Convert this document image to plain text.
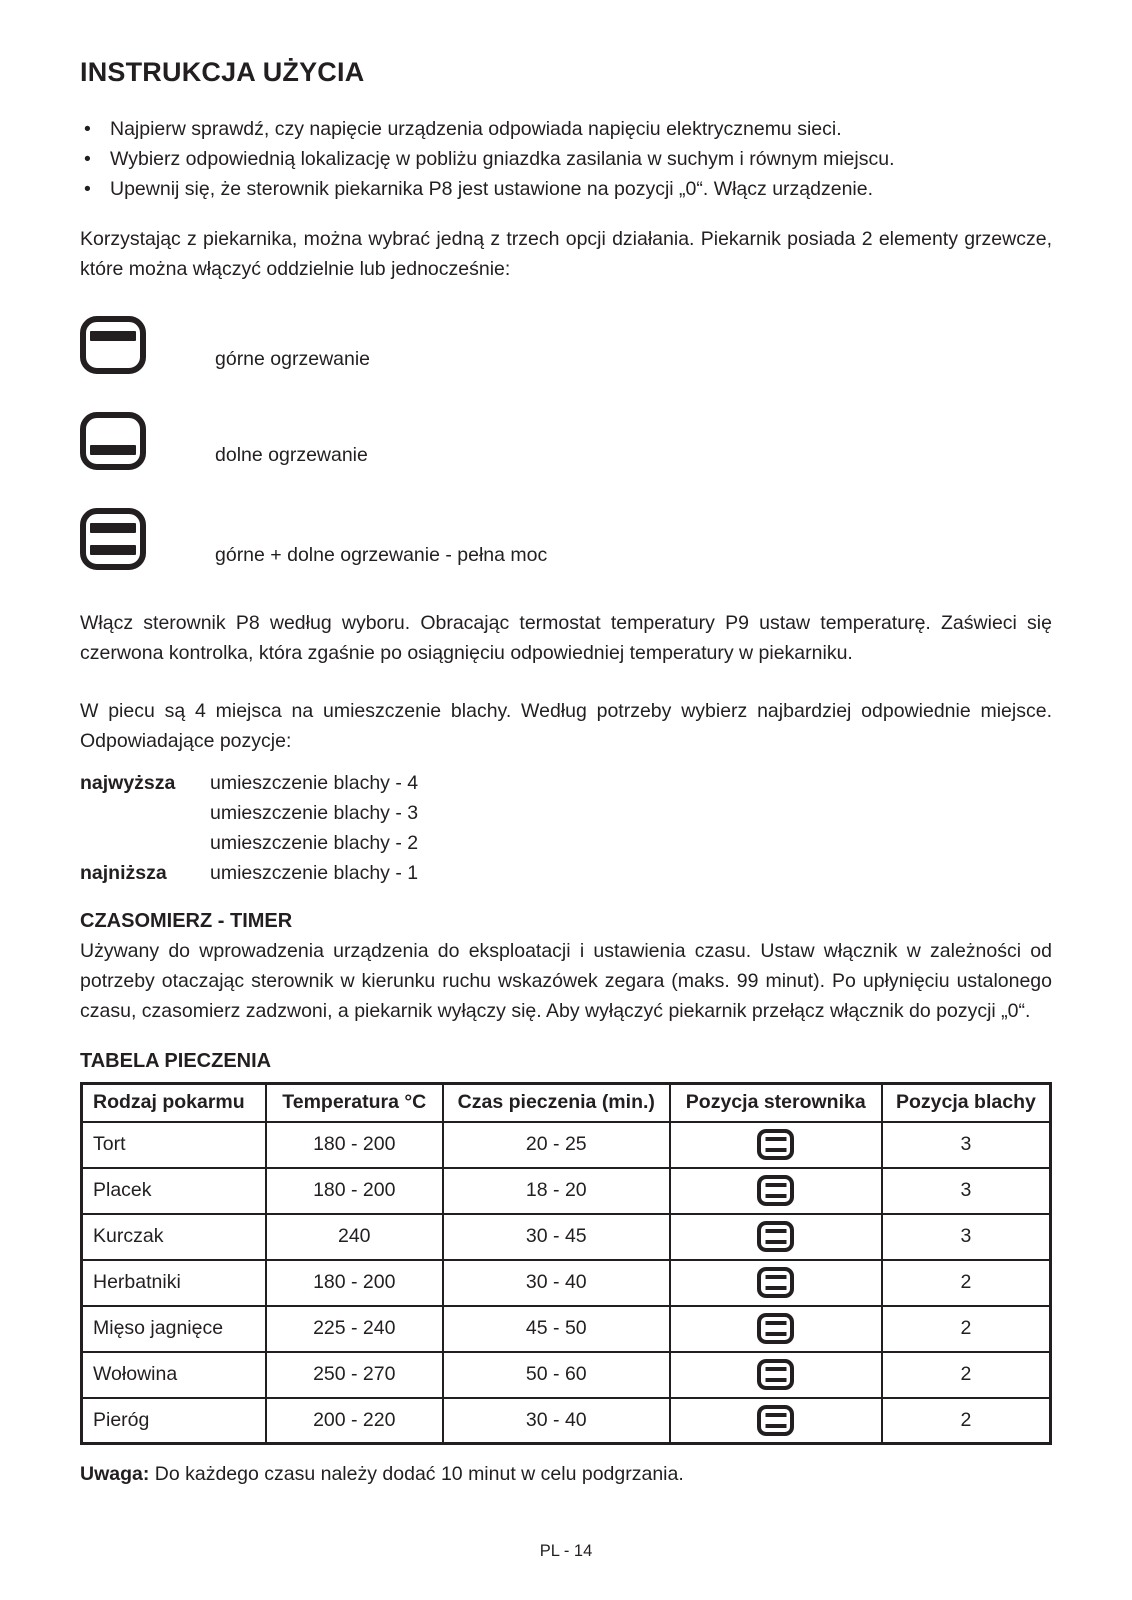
INSTRUKCJA UŻYCIA
• Najpierw sprawdź, czy napięcie urządzenia odpowiada napięciu elektrycznemu sieci.
• Wybierz odpowiednią lokalizację w pobliżu gniazdka zasilania w suchym i równym miejscu.
• Upewnij się, że sterownik piekarnika P8 jest ustawione na pozycji „0“. Włącz urządzenie.

Korzystając z piekarnika, można wybrać jedną z trzech opcji działania. Piekarnik posiada 2 elementy grzewcze, które można włączyć oddzielnie lub jednocześnie:

górne ogrzewanie
dolne ogrzewanie
górne + dolne ogrzewanie - pełna moc

Włącz sterownik P8 według wyboru. Obracając termostat temperatury P9 ustaw temperaturę. Zaświeci się czerwona kontrolka, która zgaśnie po osiągnięciu odpowiedniej temperatury w piekarniku.

W piecu są 4 miejsca na umieszczenie blachy. Według potrzeby wybierz najbardziej odpowiednie miejsce. Odpowiadające pozycje:

najwyższa	umieszczenie blachy - 4
umieszczenie blachy - 3
umieszczenie blachy - 2
najniższa	umieszczenie blachy - 1
CZASOMIERZ - TIMER

Używany do wprowadzenia urządzenia do eksploatacji i ustawienia czasu. Ustaw włącznik w zależności od potrzeby otaczając sterownik w kierunku ruchu wskazówek zegara (maks. 99 minut). Po upłynięciu ustalonego czasu, czasomierz zadzwoni, a piekarnik wyłączy się. Aby wyłączyć piekarnik przełącz włącznik do pozycji „0“.

TABELA PIECZENIA
Rodzaj pokarmu	Temperatura °C	Czas pieczenia (min.)	Pozycja sterownika	Pozycja blachy
Tort	180 - 200	20 - 25		3
Placek	180 - 200	18 - 20		3
Kurczak	240	30 - 45		3
Herbatniki	180 - 200	30 - 40		2
Mięso jagnięce	225 - 240	45 - 50		2
Wołowina	250 - 270	50 - 60		2
Pieróg	200 - 220	30 - 40		2

Uwaga: Do każdego czasu należy dodać 10 minut w celu podgrzania.

PL - 14
